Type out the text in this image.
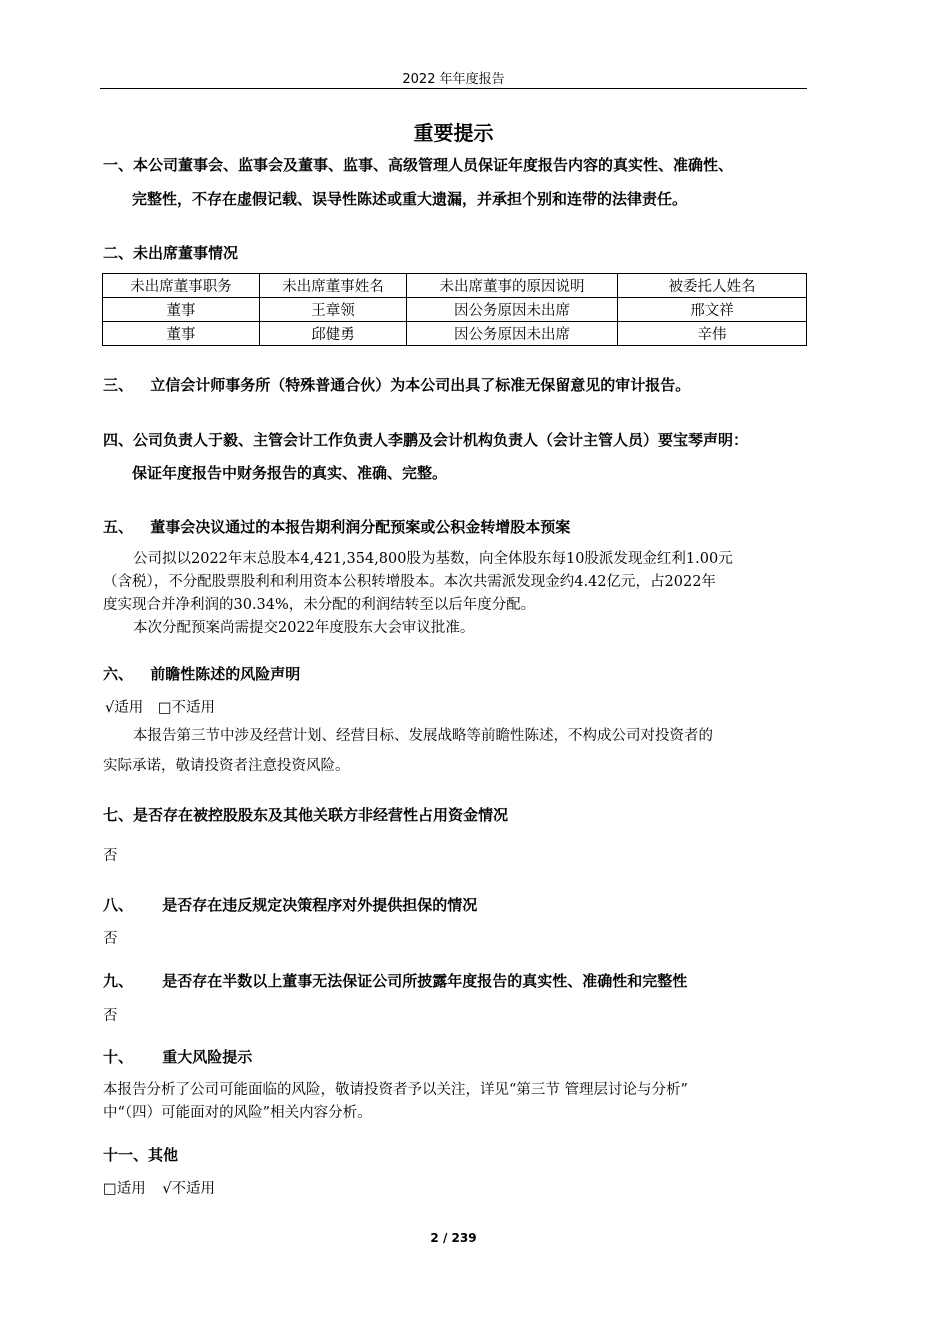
2022 年年度报告
重要提示
一、本公司董事会、监事会及董事、监事、高级管理人员保证年度报告内容的真实性、准确性、
完整性，不存在虚假记载、误导性陈述或重大遗漏，并承担个别和连带的法律责任。
二、未出席董事情况
未出席董事职务	未出席董事姓名	未出席董事的原因说明	被委托人姓名
董事	王章领	因公务原因未出席	邢文祥
董事	邱健勇	因公务原因未出席	辛伟
三、 立信会计师事务所（特殊普通合伙）为本公司出具了标准无保留意见的审计报告。
四、公司负责人于毅、主管会计工作负责人李鹏及会计机构负责人（会计主管人员）要宝琴声明：
保证年度报告中财务报告的真实、准确、完整。
五、 董事会决议通过的本报告期利润分配预案或公积金转增股本预案
公司拟以2022年末总股本4,421,354,800股为基数，向全体股东每10股派发现金红利1.00元
（含税），不分配股票股利和利用资本公积转增股本。本次共需派发现金约4.42亿元，占2022年
度实现合并净利润的30.34%，未分配的利润结转至以后年度分配。
本次分配预案尚需提交2022年度股东大会审议批准。
六、 前瞻性陈述的风险声明
√适用 □不适用
本报告第三节中涉及经营计划、经营目标、发展战略等前瞻性陈述，不构成公司对投资者的
实际承诺，敬请投资者注意投资风险。
七、是否存在被控股股东及其他关联方非经营性占用资金情况
否
八、 是否存在违反规定决策程序对外提供担保的情况
否
九、 是否存在半数以上董事无法保证公司所披露年度报告的真实性、准确性和完整性
否
十、 重大风险提示
本报告分析了公司可能面临的风险，敬请投资者予以关注，详见“第三节 管理层讨论与分析”
中“（四）可能面对的风险”相关内容分析。
十一、其他
□适用 √不适用
2 / 239
